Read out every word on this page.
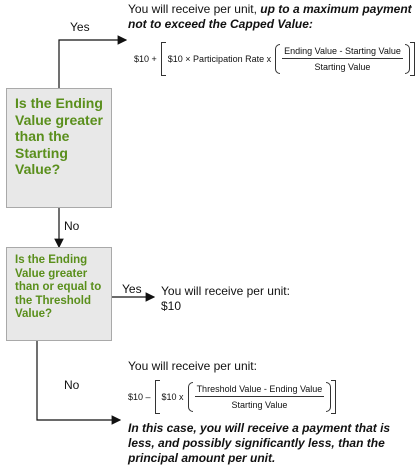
Yes
No
Yes
No
Is the Ending Value greater than the Starting Value?
Is the Ending Value greater than or equal to the Threshold Value?
You will receive per unit, up to a maximum payment not to exceed the Capped Value:
$10 + $10 × Participation Rate x $\frac{\text{Ending Value - Starting Value}}{\text{Starting Value}}$
You will receive per unit:
$10
You will receive per unit:
$10 – $10 x $\frac{\text{Threshold Value - Ending Value}}{\text{Starting Value}}$
In this case, you will receive a payment that is less, and possibly significantly less, than the principal amount per unit.
